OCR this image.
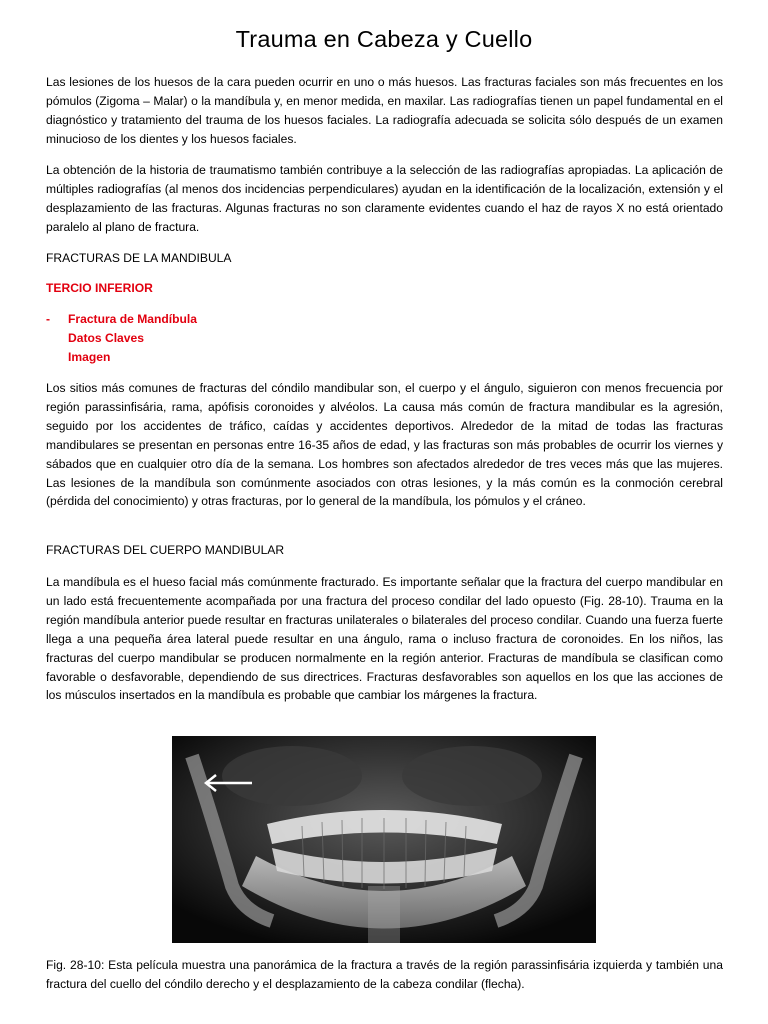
Trauma en Cabeza y Cuello

Las lesiones de los huesos de la cara pueden ocurrir en uno o más huesos. Las fracturas faciales son más frecuentes en los pómulos (Zigoma – Malar) o la mandíbula y, en menor medida, en maxilar. Las radiografías tienen un papel fundamental en el diagnóstico y tratamiento del trauma de los huesos faciales. La radiografía adecuada se solicita sólo después de un examen minucioso de los dientes y los huesos faciales.

La obtención de la historia de traumatismo también contribuye a la selección de las radiografías apropiadas. La aplicación de múltiples radiografías (al menos dos incidencias perpendiculares) ayudan en la identificación de la localización, extensión y el desplazamiento de las fracturas. Algunas fracturas no son claramente evidentes cuando el haz de rayos X no está orientado paralelo al plano de fractura.

FRACTURAS DE LA MANDIBULA

TERCIO INFERIOR

- Fractura de Mandíbula
Datos Claves
Imagen

Los sitios más comunes de fracturas del cóndilo mandibular son, el cuerpo y el ángulo, siguieron con menos frecuencia por región parassinfisária, rama, apófisis coronoides y alvéolos. La causa más común de fractura mandibular es la agresión, seguido por los accidentes de tráfico, caídas y accidentes deportivos. Alrededor de la mitad de todas las fracturas mandibulares se presentan en personas entre 16-35 años de edad, y las fracturas son más probables de ocurrir los viernes y sábados que en cualquier otro día de la semana. Los hombres son afectados alrededor de tres veces más que las mujeres. Las lesiones de la mandíbula son comúnmente asociados con otras lesiones, y la más común es la conmoción cerebral (pérdida del conocimiento) y otras fracturas, por lo general de la mandíbula, los pómulos y el cráneo.

FRACTURAS DEL CUERPO MANDIBULAR

La mandíbula es el hueso facial más comúnmente fracturado. Es importante señalar que la fractura del cuerpo mandibular en un lado está frecuentemente acompañada por una fractura del proceso condilar del lado opuesto (Fig. 28-10). Trauma en la región mandíbula anterior puede resultar en fracturas unilaterales o bilaterales del proceso condilar. Cuando una fuerza fuerte llega a una pequeña área lateral puede resultar en una ángulo, rama o incluso fractura de coronoides. En los niños, las fracturas del cuerpo mandibular se producen normalmente en la región anterior. Fracturas de mandíbula se clasifican como favorable o desfavorable, dependiendo de sus directrices. Fracturas desfavorables son aquellos en los que las acciones de los músculos insertados en la mandíbula es probable que cambiar los márgenes la fractura.

Fig. 28-10: Esta película muestra una panorámica de la fractura a través de la región parassinfisária izquierda y también una fractura del cuello del cóndilo derecho y el desplazamiento de la cabeza condilar (flecha).
